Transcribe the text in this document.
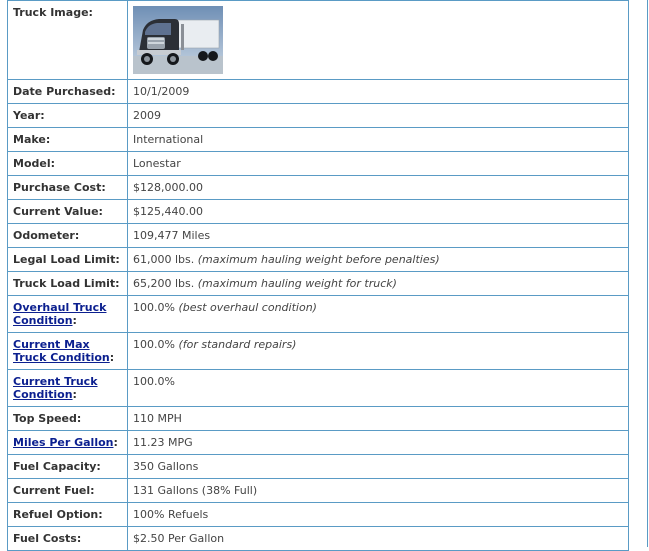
Truck Image:	

Date Purchased:	10/1/2009
Year:	2009
Make:	International
Model:	Lonestar
Purchase Cost:	$128,000.00
Current Value:	$125,440.00
Odometer:	109,477 Miles
Legal Load Limit:	61,000 lbs. (maximum hauling weight before penalties)
Truck Load Limit:	65,200 lbs. (maximum hauling weight for truck)
Overhaul Truck Condition:	100.0% (best overhaul condition)
Current Max Truck Condition:	100.0% (for standard repairs)
Current Truck Condition:	100.0%
Top Speed:	110 MPH
Miles Per Gallon:	11.23 MPG
Fuel Capacity:	350 Gallons
Current Fuel:	131 Gallons (38% Full)
Refuel Option:	100% Refuels
Fuel Costs:	$2.50 Per Gallon
